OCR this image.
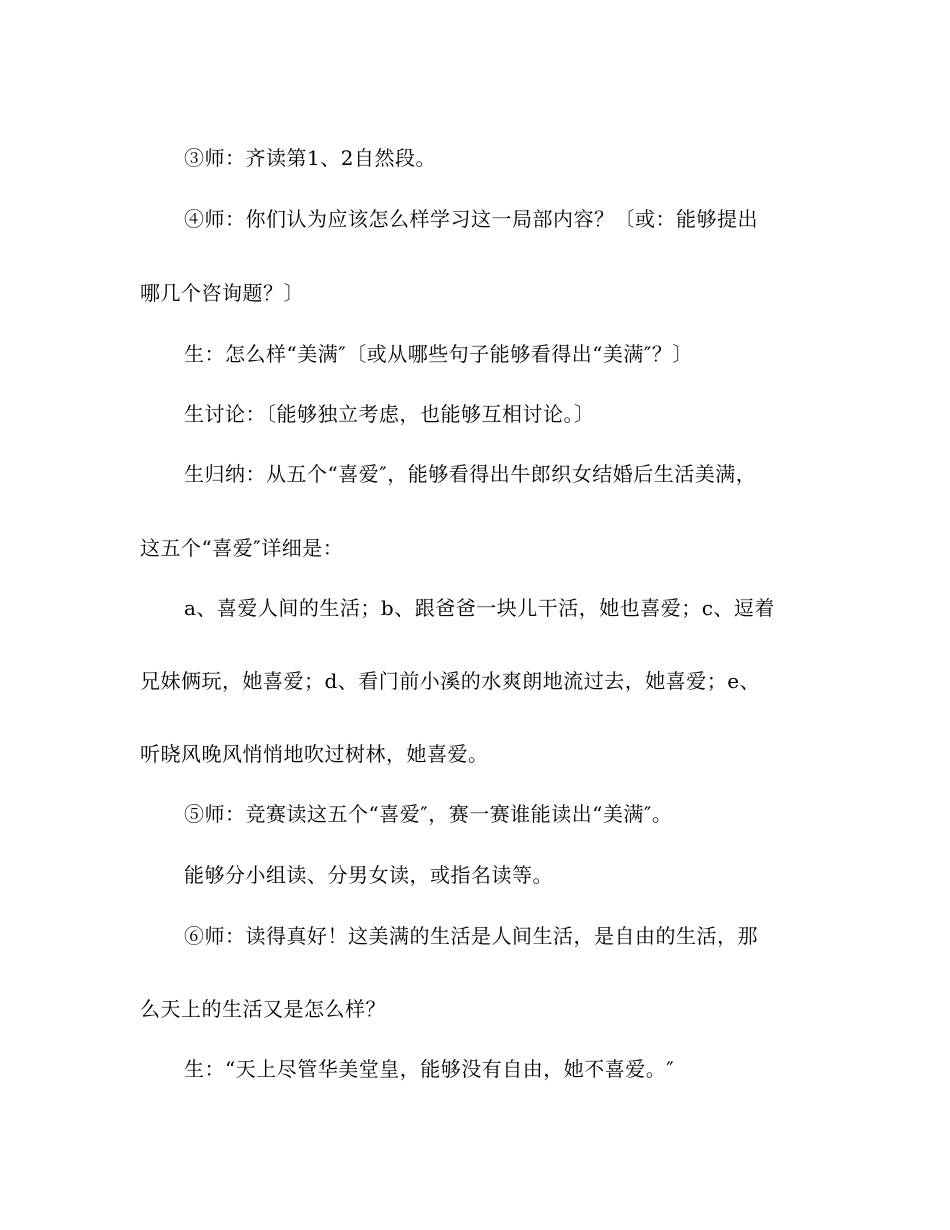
③师：齐读第1、2自然段。
④师：你们认为应该怎么样学习这一局部内容？〔或：能够提出
哪几个咨询题？〕
生：怎么样“美满″〔或从哪些句子能够看得出“美满″？〕
生讨论：〔能够独立考虑，也能够互相讨论。〕
生归纳：从五个“喜爱″，能够看得出牛郎织女结婚后生活美满，
这五个“喜爱″详细是：
a、喜爱人间的生活；b、跟爸爸一块儿干活，她也喜爱；c、逗着
兄妹俩玩，她喜爱；d、看门前小溪的水爽朗地流过去，她喜爱；e、
听晓风晚风悄悄地吹过树林，她喜爱。
⑤师：竞赛读这五个“喜爱″，赛一赛谁能读出“美满″。
能够分小组读、分男女读，或指名读等。
⑥师：读得真好！这美满的生活是人间生活，是自由的生活，那
么天上的生活又是怎么样？
生：“天上尽管华美堂皇，能够没有自由，她不喜爱。″
